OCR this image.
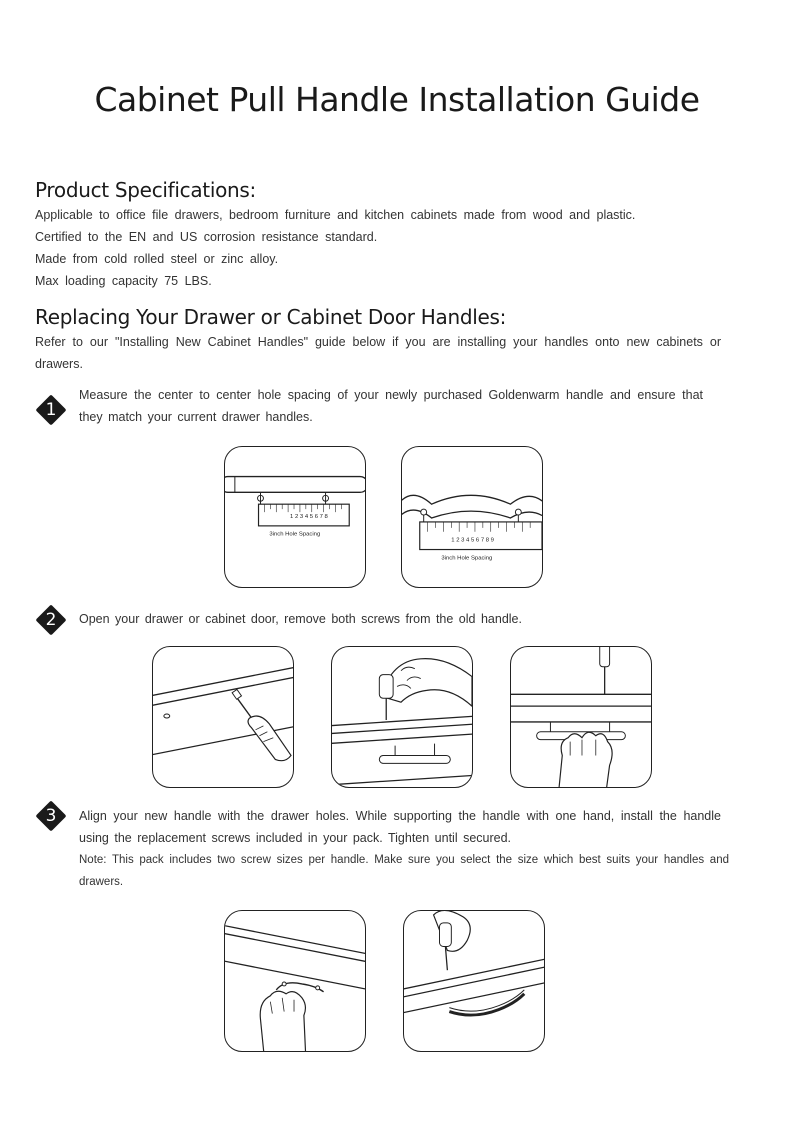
Cabinet Pull Handle Installation Guide
Product Specifications:
Applicable to office file drawers, bedroom furniture and kitchen cabinets made from wood and plastic.
Certified to the EN and US corrosion resistance standard.
Made from cold rolled steel or zinc alloy.
Max loading capacity 75 LBS.
Replacing Your Drawer or Cabinet Door Handles:
Refer to our "Installing New Cabinet Handles" guide below if you are installing your handles onto new cabinets or drawers.
1
Measure the center to center hole spacing of your newly purchased Goldenwarm handle and ensure that they match your current drawer handles.
1 2 3 4 5 6 7 8
3inch Hole Spacing
1 2 3 4 5 6 7 8 9
3inch Hole Spacing
2	Open your drawer or cabinet door, remove both screws from the old handle.
3	Align your new handle with the drawer holes. While supporting the handle with one hand, install the handle using the replacement screws included in your pack. Tighten until secured.
Note: This pack includes two screw sizes per handle. Make sure you select the size which best suits your handles and drawers.
